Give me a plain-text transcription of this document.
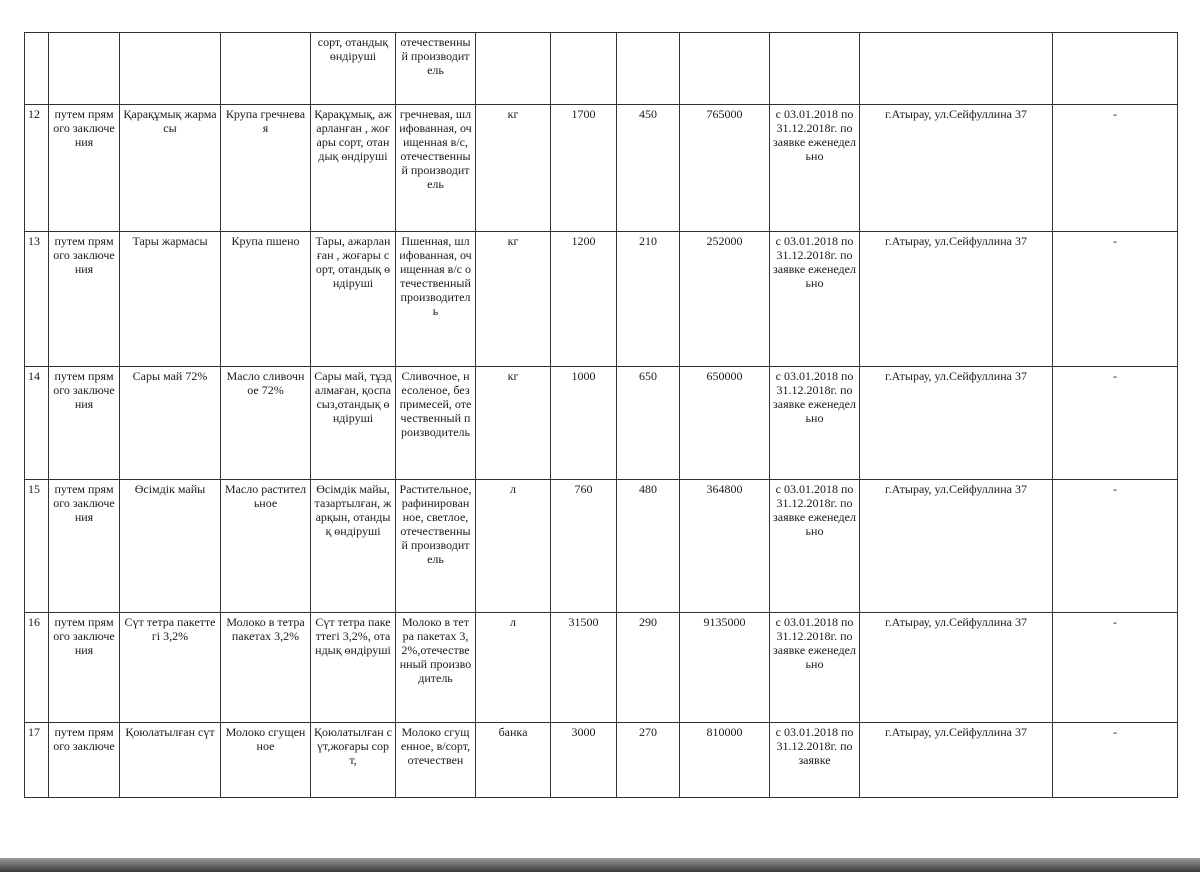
				сорт, отандық өндіруші	отечественный производитель							
12	путем прямого заключения	Қарақұмық жармасы	Крупа гречневая	Қарақұмық, ажарланған , жоғары сорт, отандық өндіруші	гречневая, шлифованная, очищенная в/с, отечественный производитель	кг	1700	450	765000	с 03.01.2018 по 31.12.2018г. по заявке еженедельно	г.Атырау, ул.Сейфуллина 37	-
13	путем прямого заключения	Тары жармасы	Крупа пшено	Тары, ажарланған , жоғары сорт, отандық өндіруші	Пшенная, шлифованная, очищенная в/с отечественный производитель	кг	1200	210	252000	с 03.01.2018 по 31.12.2018г. по заявке еженедельно	г.Атырау, ул.Сейфуллина 37	-
14	путем прямого заключения	Сары май 72%	Масло сливочное 72%	Сары май, тұздалмаған, қоспасыз,отандық өндіруші	Сливочное, несоленое, без примесей, отечественный производитель	кг	1000	650	650000	с 03.01.2018 по 31.12.2018г. по заявке еженедельно	г.Атырау, ул.Сейфуллина 37	-
15	путем прямого заключения	Өсімдік майы	Масло растительное	Өсімдік майы, тазартылған, жарқын, отандық өндіруші	Растительное, рафинированное, светлое, отечественный производитель	л	760	480	364800	с 03.01.2018 по 31.12.2018г. по заявке еженедельно	г.Атырау, ул.Сейфуллина 37	-
16	путем прямого заключения	Сүт тетра пакеттегі 3,2%	Молоко в тетра пакетах 3,2%	Сүт тетра пакеттегі 3,2%, отандық өндіруші	Молоко в тетра пакетах 3,2%,отечественный производитель	л	31500	290	9135000	с 03.01.2018 по 31.12.2018г. по заявке еженедельно	г.Атырау, ул.Сейфуллина 37	-
17	путем прямого заключе	Қоюлатылған сүт	Молоко сгущенное	Қоюлатылған сүт,жоғары сорт,	Молоко сгущенное, в/сорт, отечествен	банка	3000	270	810000	с 03.01.2018 по 31.12.2018г. по заявке	г.Атырау, ул.Сейфуллина 37	-
